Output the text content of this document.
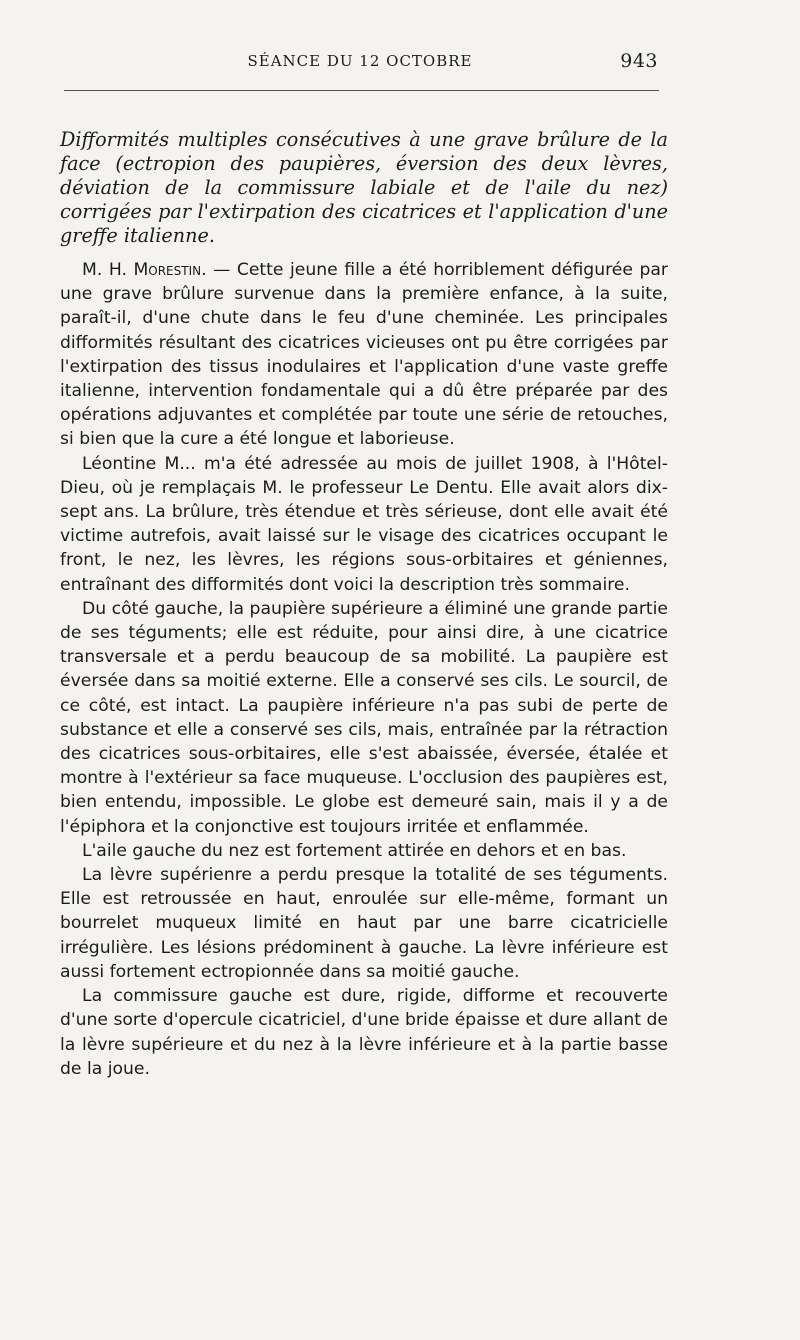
SÉANCE DU 12 OCTOBRE	943
Difformités multiples consécutives à une grave brûlure de la face (ectropion des paupières, éversion des deux lèvres, déviation de la commissure labiale et de l'aile du nez) corrigées par l'extirpation des cicatrices et l'application d'une greffe italienne.

M. H. Morestin. — Cette jeune fille a été horriblement défigurée par une grave brûlure survenue dans la première enfance, à la suite, paraît-il, d'une chute dans le feu d'une cheminée. Les principales difformités résultant des cicatrices vicieuses ont pu être corrigées par l'extirpation des tissus inodulaires et l'application d'une vaste greffe italienne, intervention fondamentale qui a dû être préparée par des opérations adjuvantes et complétée par toute une série de retouches, si bien que la cure a été longue et laborieuse.

Léontine M... m'a été adressée au mois de juillet 1908, à l'Hôtel-Dieu, où je remplaçais M. le professeur Le Dentu. Elle avait alors dix-sept ans. La brûlure, très étendue et très sérieuse, dont elle avait été victime autrefois, avait laissé sur le visage des cicatrices occupant le front, le nez, les lèvres, les régions sous-orbitaires et géniennes, entraînant des difformités dont voici la description très sommaire.

Du côté gauche, la paupière supérieure a éliminé une grande partie de ses téguments; elle est réduite, pour ainsi dire, à une cicatrice transversale et a perdu beaucoup de sa mobilité. La paupière est éversée dans sa moitié externe. Elle a conservé ses cils. Le sourcil, de ce côté, est intact. La paupière inférieure n'a pas subi de perte de substance et elle a conservé ses cils, mais, entraînée par la rétraction des cicatrices sous-orbitaires, elle s'est abaissée, éversée, étalée et montre à l'extérieur sa face muqueuse. L'occlusion des paupières est, bien entendu, impossible. Le globe est demeuré sain, mais il y a de l'épiphora et la conjonctive est toujours irritée et enflammée.

L'aile gauche du nez est fortement attirée en dehors et en bas.

La lèvre supérienre a perdu presque la totalité de ses téguments. Elle est retroussée en haut, enroulée sur elle-même, formant un bourrelet muqueux limité en haut par une barre cicatricielle irrégulière. Les lésions prédominent à gauche. La lèvre inférieure est aussi fortement ectropionnée dans sa moitié gauche.

La commissure gauche est dure, rigide, difforme et recouverte d'une sorte d'opercule cicatriciel, d'une bride épaisse et dure allant de la lèvre supérieure et du nez à la lèvre inférieure et à la partie basse de la joue.
